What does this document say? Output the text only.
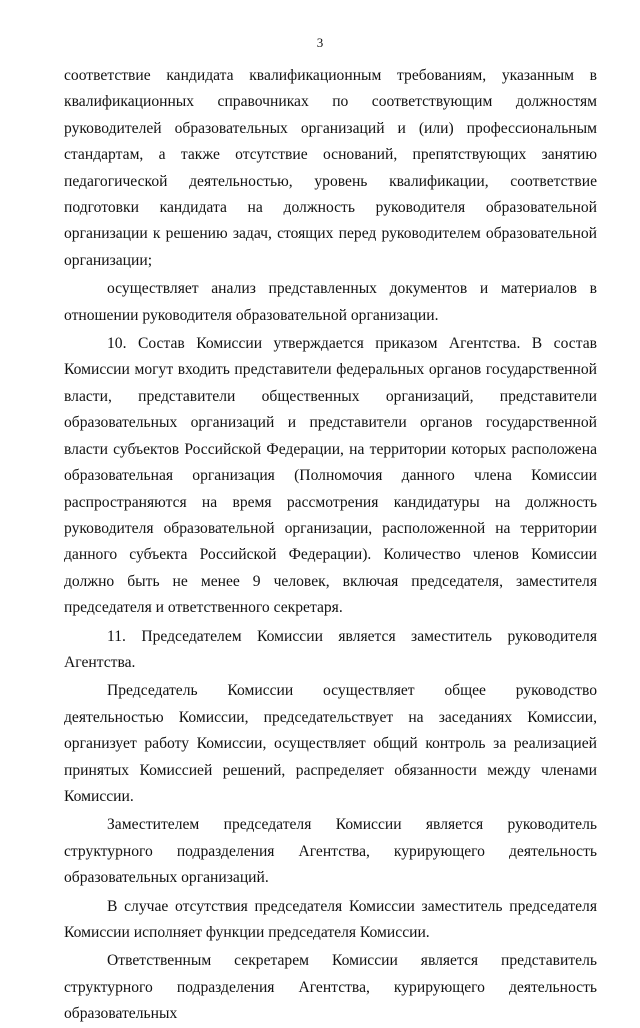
3

соответствие кандидата квалификационным требованиям, указанным в квалификационных справочниках по соответствующим должностям руководителей образовательных организаций и (или) профессиональным стандартам, а также отсутствие оснований, препятствующих занятию педагогической деятельностью, уровень квалификации, соответствие подготовки кандидата на должность руководителя образовательной организации к решению задач, стоящих перед руководителем образовательной организации;

осуществляет анализ представленных документов и материалов в отношении руководителя образовательной организации.

10. Состав Комиссии утверждается приказом Агентства. В состав Комиссии могут входить представители федеральных органов государственной власти, представители общественных организаций, представители образовательных организаций и представители органов государственной власти субъектов Российской Федерации, на территории которых расположена образовательная организация (Полномочия данного члена Комиссии распространяются на время рассмотрения кандидатуры на должность руководителя образовательной организации, расположенной на территории данного субъекта Российской Федерации). Количество членов Комиссии должно быть не менее 9 человек, включая председателя, заместителя председателя и ответственного секретаря.

11. Председателем Комиссии является заместитель руководителя Агентства.

Председатель Комиссии осуществляет общее руководство деятельностью Комиссии, председательствует на заседаниях Комиссии, организует работу Комиссии, осуществляет общий контроль за реализацией принятых Комиссией решений, распределяет обязанности между членами Комиссии.

Заместителем председателя Комиссии является руководитель структурного подразделения Агентства, курирующего деятельность образовательных организаций.

В случае отсутствия председателя Комиссии заместитель председателя Комиссии исполняет функции председателя Комиссии.

Ответственным секретарем Комиссии является представитель структурного подразделения Агентства, курирующего деятельность образовательных
